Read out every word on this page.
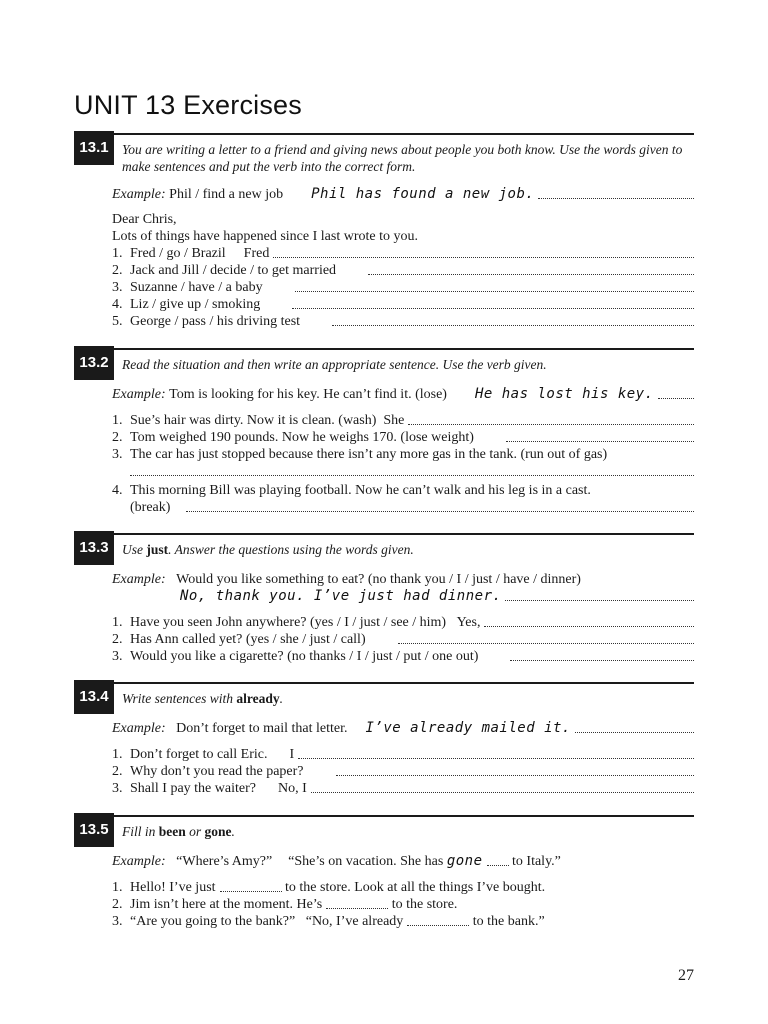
UNIT 13 Exercises
13.1 You are writing a letter to a friend and giving news about people you both know. Use the words given to make sentences and put the verb into the correct form.
Example:
Phil / find a new job Phil has found a new job.
Dear Chris,
Lots of things have happened since I last wrote to you.
1. Fred / go / Brazil Fred
2. Jack and Jill / decide / to get married
3. Suzanne / have / a baby
4. Liz / give up / smoking
5. George / pass / his driving test
13.2 Read the situation and then write an appropriate sentence. Use the verb given.
Example:
Tom is looking for his key. He can’t find it. (lose) He has lost his key.
1. Sue’s hair was dirty. Now it is clean. (wash)
She
2. Tom weighed 190 pounds. Now he weighs 170. (lose weight)
3. The car has just stopped because there isn’t any more gas in the tank. (run out of gas)
4. This morning Bill was playing football. Now he can’t walk and his leg is in a cast.
(break)
13.3 Use just. Answer the questions using the words given.
Example:
Would you like something to eat? (no thank you / I / just / have / dinner)
No, thank you. I’ve just had dinner.
1. Have you seen John anywhere? (yes / I / just / see / him)
Yes,
2. Has Ann called yet? (yes / she / just / call)
3. Would you like a cigarette? (no thanks / I / just / put / one out)
13.4 Write sentences with already.
Example:
Don’t forget to mail that letter. I’ve already mailed it.
1. Don’t forget to call Eric. I
2. Why don’t you read the paper?
3. Shall I pay the waiter? No, I
13.5 Fill in been or gone.
Example:
“Where’s Amy?” “She’s on vacation. She has
gone
to Italy.”
1. Hello! I’ve just
	to the store. Look at all the things I’ve bought.
2. Jim isn’t here at the moment. He’s
	to the store.
3. “Are you going to the bank?”   “No, I’ve already
	to the bank.”
27
